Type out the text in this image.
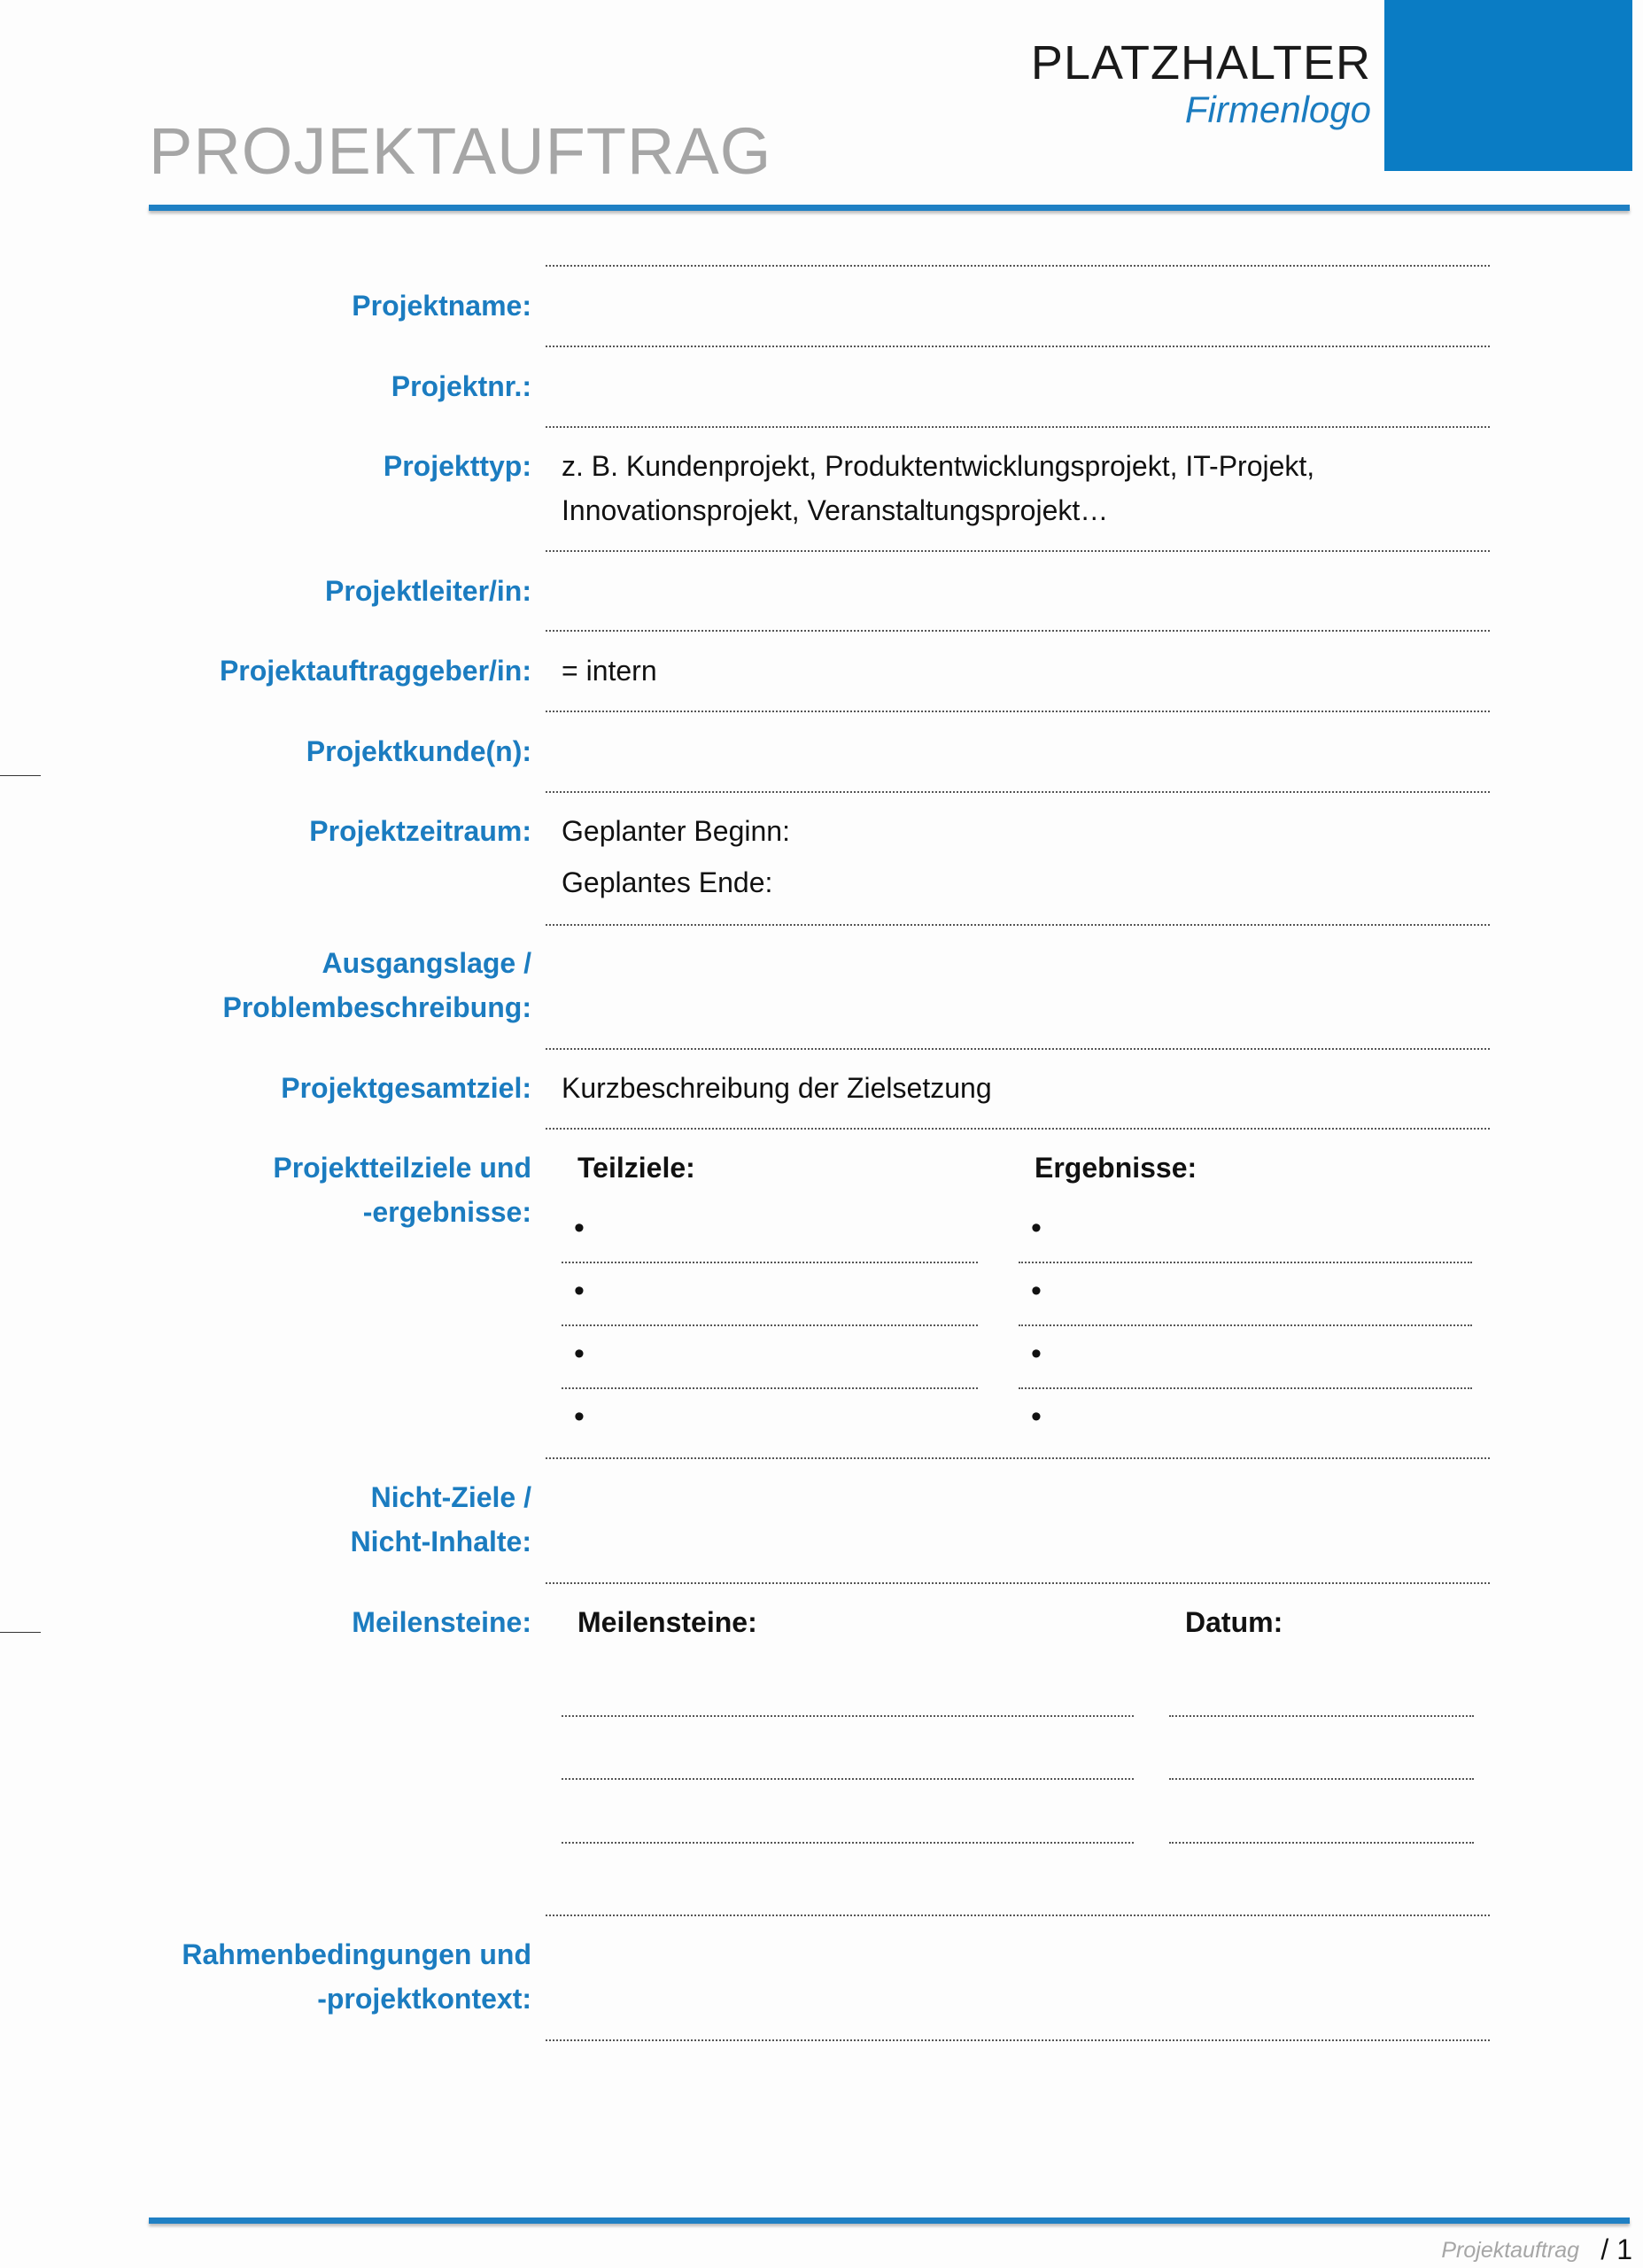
PLATZHALTER
Firmenlogo
PROJEKTAUFTRAG
Projektname:
Projektnr.:
Projekttyp: z. B. Kundenprojekt, Produktentwicklungsprojekt, IT-Projekt,
Innovationsprojekt, Veranstaltungsprojekt…
Projektleiter/in:
Projektauftraggeber/in: = intern
Projektkunde(n):
Projektzeitraum: Geplanter Beginn:
Geplantes Ende:
Ausgangslage /
Problembeschreibung:
Projektgesamtziel: Kurzbeschreibung der Zielsetzung
Projektteilziele und
-ergebnisse:
Teilziele:	Ergebnisse:
•	•
•	•
•	•
•	•
Nicht-Ziele /
Nicht-Inhalte:
Meilensteine: Meilensteine:	Datum:
Rahmenbedingungen und
-projektkontext:
Projektauftrag / 1
